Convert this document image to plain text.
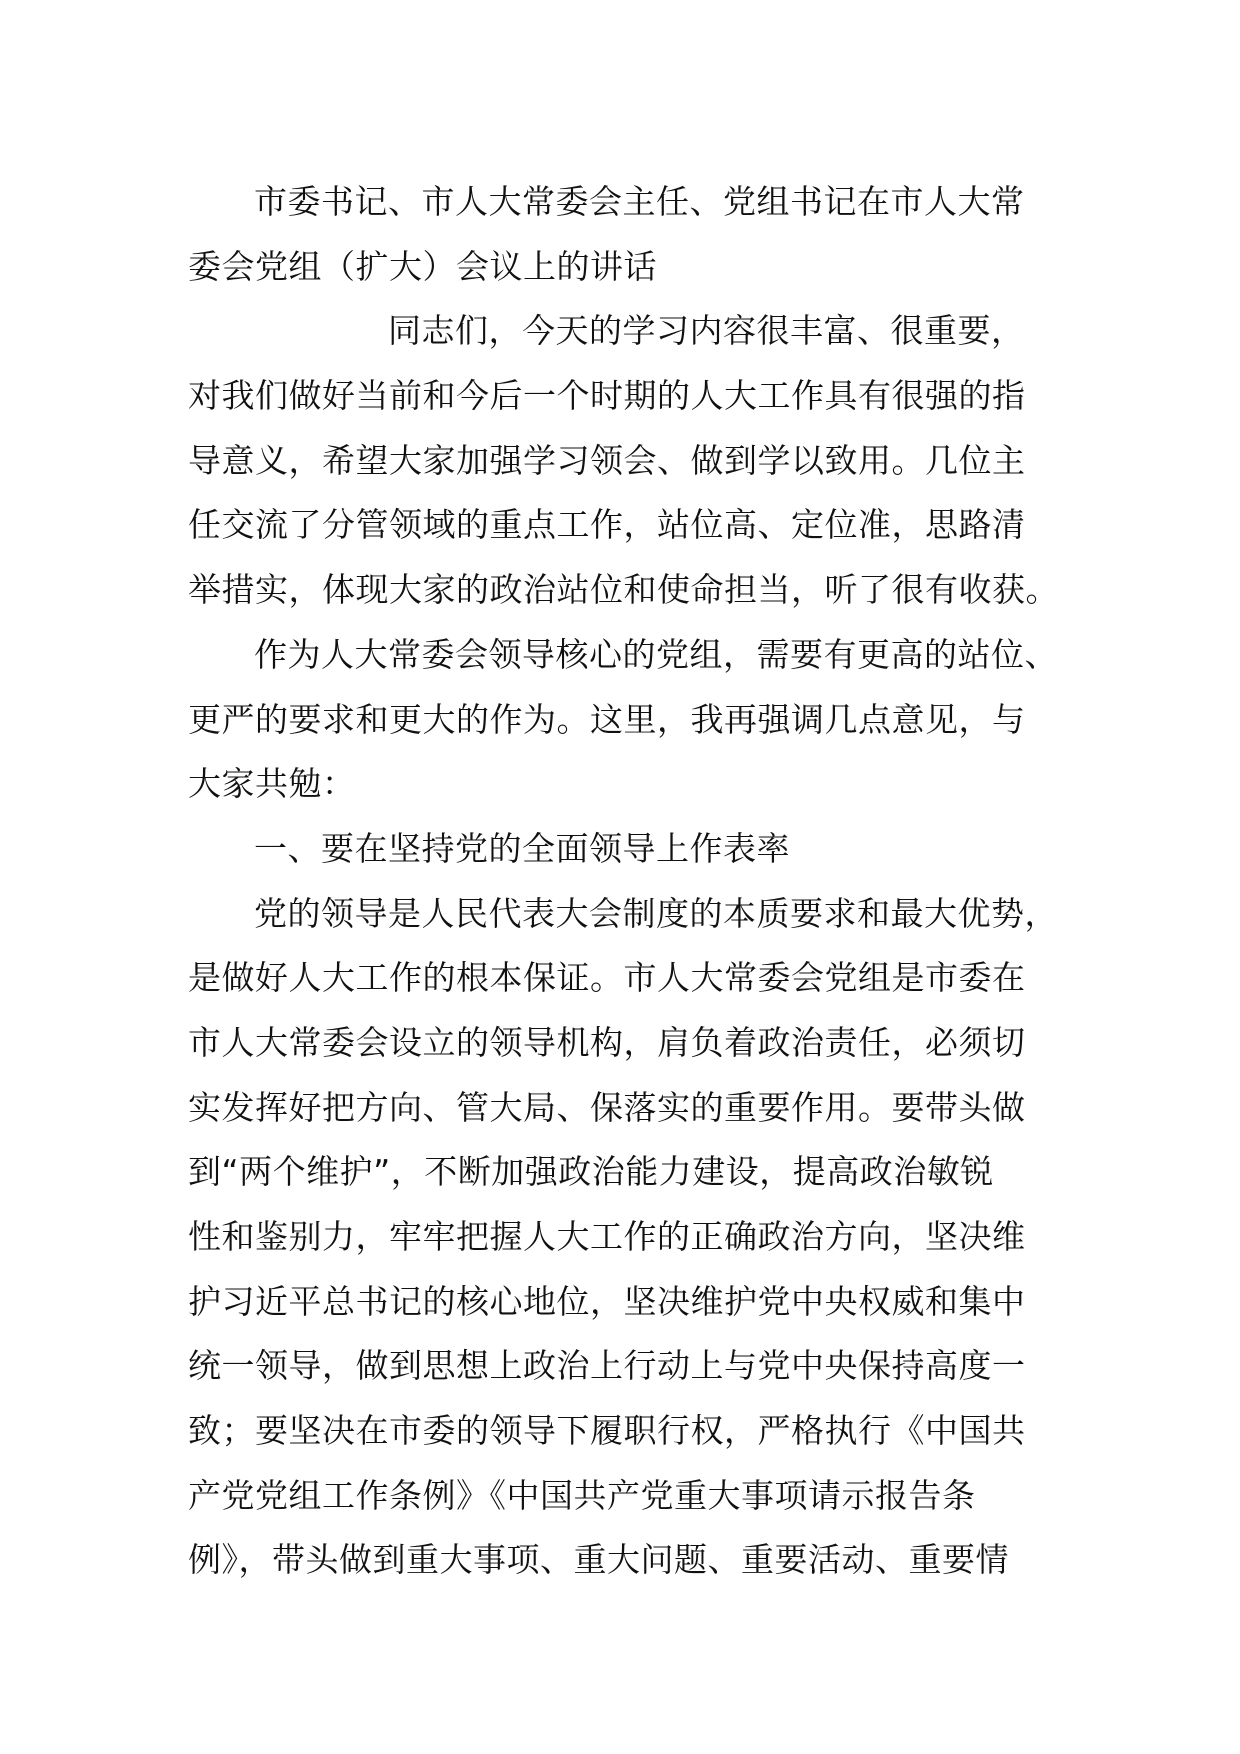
市委书记、市人大常委会主任、党组书记在市人大常
委会党组（扩大）会议上的讲话
同志们，今天的学习内容很丰富、很重要，
对我们做好当前和今后一个时期的人大工作具有很强的指
导意义，希望大家加强学习领会、做到学以致用。几位主
任交流了分管领域的重点工作，站位高、定位准，思路清
举措实，体现大家的政治站位和使命担当，听了很有收获。
作为人大常委会领导核心的党组，需要有更高的站位、
更严的要求和更大的作为。这里，我再强调几点意见，与
大家共勉：
一、要在坚持党的全面领导上作表率
党的领导是人民代表大会制度的本质要求和最大优势，
是做好人大工作的根本保证。市人大常委会党组是市委在
市人大常委会设立的领导机构，肩负着政治责任，必须切
实发挥好把方向、管大局、保落实的重要作用。要带头做
到“两个维护”，不断加强政治能力建设，提高政治敏锐
性和鉴别力，牢牢把握人大工作的正确政治方向，坚决维
护习近平总书记的核心地位，坚决维护党中央权威和集中
统一领导，做到思想上政治上行动上与党中央保持高度一
致；要坚决在市委的领导下履职行权，严格执行《中国共
产党党组工作条例》《中国共产党重大事项请示报告条
例》，带头做到重大事项、重大问题、重要活动、重要情
